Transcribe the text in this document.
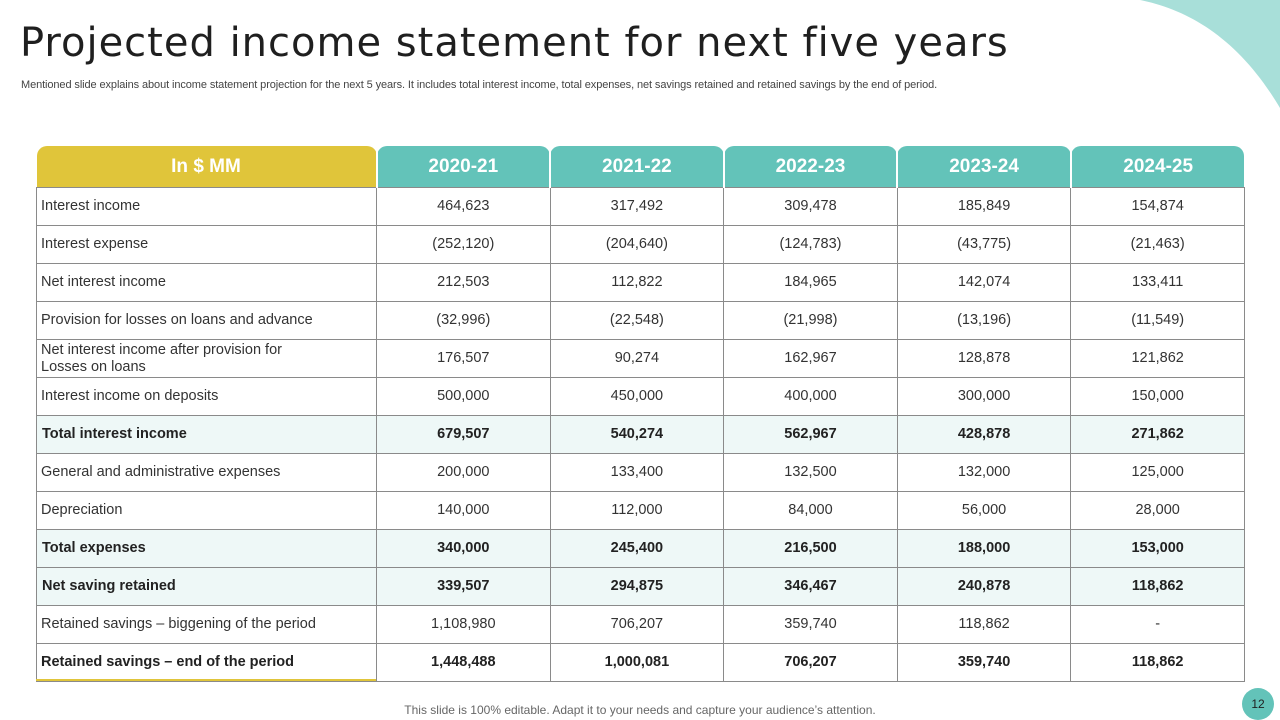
Projected income statement for next five years

Mentioned slide explains about income statement projection for the next 5 years. It includes total interest income, total expenses, net savings retained and retained savings by the end of period.

In $ MM	2020-21	2021-22	2022-23	2023-24	2024-25
Interest income	464,623	317,492	309,478	185,849	154,874
Interest expense	(252,120)	(204,640)	(124,783)	(43,775)	(21,463)
Net interest income	212,503	112,822	184,965	142,074	133,411
Provision for losses on loans and advance	(32,996)	(22,548)	(21,998)	(13,196)	(11,549)
Net interest income after provision for Losses on loans	176,507	90,274	162,967	128,878	121,862
Interest income on deposits	500,000	450,000	400,000	300,000	150,000
Total interest income	679,507	540,274	562,967	428,878	271,862
General and administrative expenses	200,000	133,400	132,500	132,000	125,000
Depreciation	140,000	112,000	84,000	56,000	28,000
Total expenses	340,000	245,400	216,500	188,000	153,000
Net saving retained	339,507	294,875	346,467	240,878	118,862
Retained savings – biggening of the period	1,108,980	706,207	359,740	118,862	-
Retained savings – end of the period	1,448,488	1,000,081	706,207	359,740	118,862
This slide is 100% editable. Adapt it to your needs and capture your audience’s attention.	12
